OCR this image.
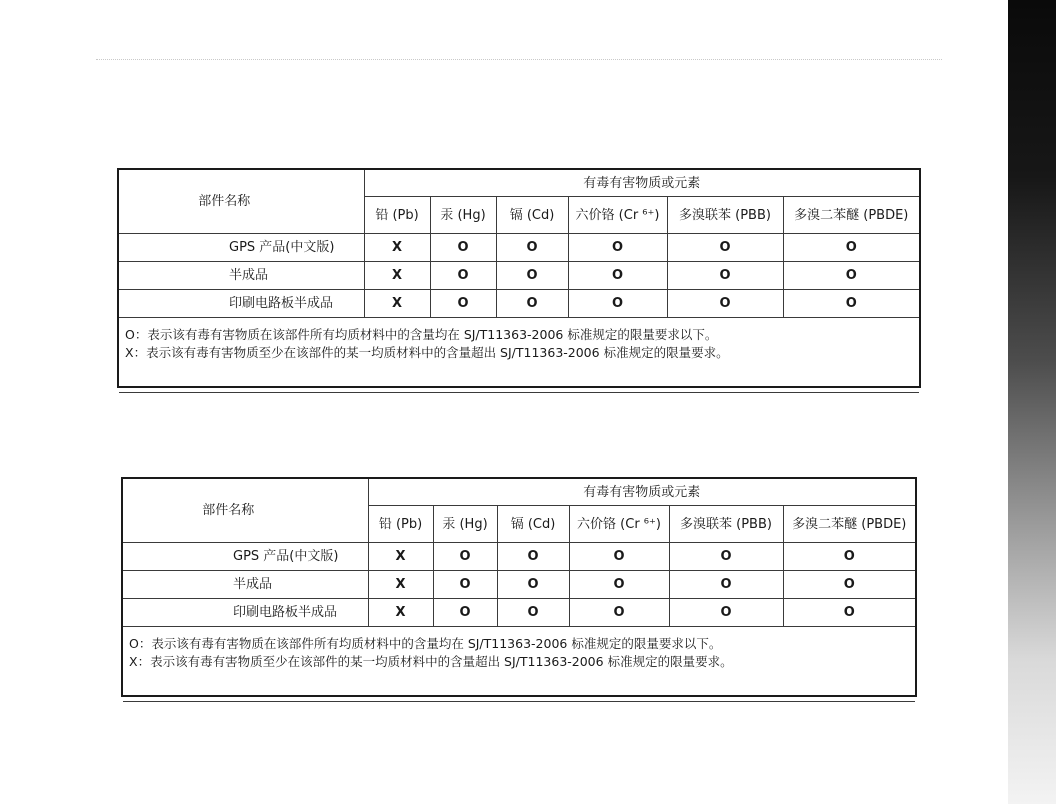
部件名称	有毒有害物质或元素					
	铅 (Pb)	汞 (Hg)	镉 (Cd)	六价铬 (Cr ⁶⁺)	多溴联苯 (PBB)	多溴二苯醚 (PBDE)
GPS 产品(中文版)	X	O	O	O	O	O
半成品	X	O	O	O	O	O
印刷电路板半成品	X	O	O	O	O	O

O：表示该有毒有害物质在该部件所有均质材料中的含量均在 SJ/T11363-2006 标准规定的限量要求以下。
X：表示该有毒有害物质至少在该部件的某一均质材料中的含量超出 SJ/T11363-2006 标准规定的限量要求。						
部件名称	有毒有害物质或元素					
	铅 (Pb)	汞 (Hg)	镉 (Cd)	六价铬 (Cr ⁶⁺)	多溴联苯 (PBB)	多溴二苯醚 (PBDE)
GPS 产品(中文版)	X	O	O	O	O	O
半成品	X	O	O	O	O	O
印刷电路板半成品	X	O	O	O	O	O

O：表示该有毒有害物质在该部件所有均质材料中的含量均在 SJ/T11363-2006 标准规定的限量要求以下。
X：表示该有毒有害物质至少在该部件的某一均质材料中的含量超出 SJ/T11363-2006 标准规定的限量要求。						
